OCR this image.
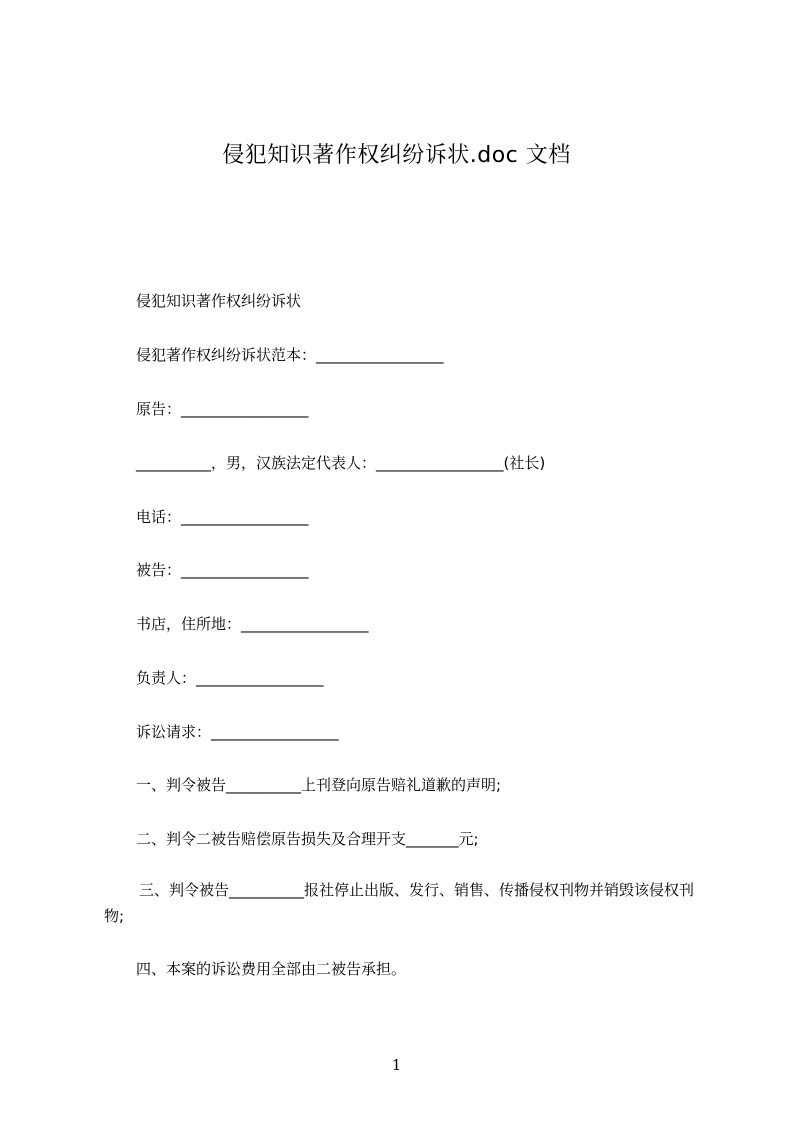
侵犯知识著作权纠纷诉状.doc 文档
侵犯知识著作权纠纷诉状
侵犯著作权纠纷诉状范本：_________________
原告：_________________
__________，男，汉族法定代表人：_________________(社长)
电话：_________________
被告：_________________
书店，住所地：_________________
负责人：_________________
诉讼请求：_________________
一、判令被告__________上刊登向原告赔礼道歉的声明;
二、判令二被告赔偿原告损失及合理开支_______元;
三、判令被告__________报社停止出版、发行、销售、传播侵权刊物并销毁该侵权刊物;
四、本案的诉讼费用全部由二被告承担。
1
